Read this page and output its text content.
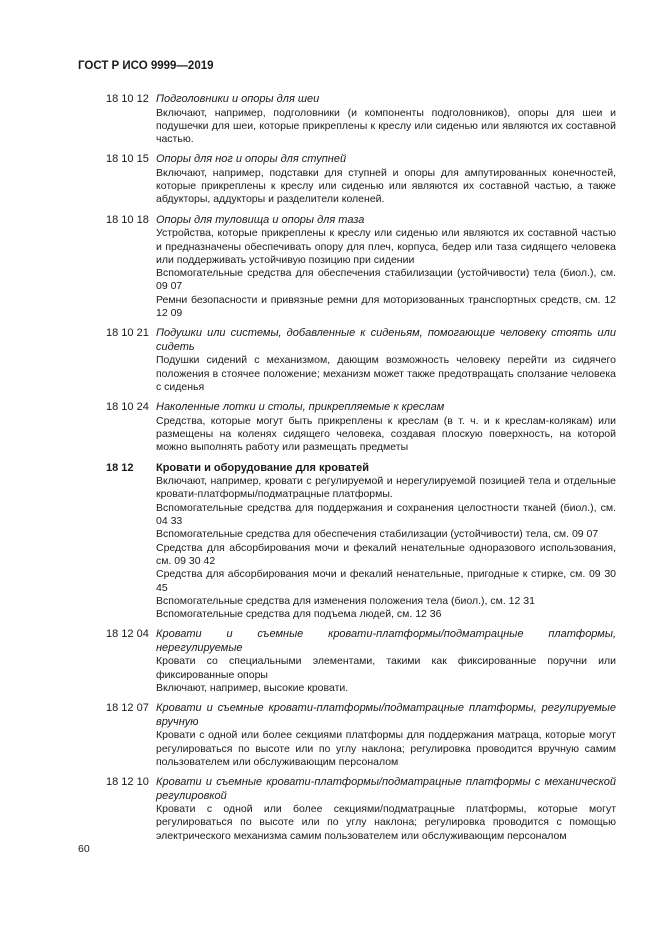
ГОСТ Р ИСО 9999—2019
18 10 12 Подголовники и опоры для шеи
Включают, например, подголовники (и компоненты подголовников), опоры для шеи и подушечки для шеи, которые прикреплены к креслу или сиденью или являются их составной частью.
18 10 15 Опоры для ног и опоры для ступней
Включают, например, подставки для ступней и опоры для ампутированных конечностей, которые прикреплены к креслу или сиденью или являются их составной частью, а также абдукторы, аддукторы и разделители коленей.
18 10 18 Опоры для туловища и опоры для таза
Устройства, которые прикреплены к креслу или сиденью или являются их составной частью и предназначены обеспечивать опору для плеч, корпуса, бедер или таза сидящего человека или поддерживать устойчивую позицию при сидении
Вспомогательные средства для обеспечения стабилизации (устойчивости) тела (биол.), см. 09 07
Ремни безопасности и привязные ремни для моторизованных транспортных средств, см. 12 12 09
18 10 21 Подушки или системы, добавленные к сиденьям, помогающие человеку стоять или сидеть
Подушки сидений с механизмом, дающим возможность человеку перейти из сидячего положения в стоячее положение; механизм может также предотвращать сползание человека с сиденья
18 10 24 Наколенные лотки и столы, прикрепляемые к креслам
Средства, которые могут быть прикреплены к креслам (в т. ч. и к креслам-колякам) или размещены на коленях сидящего человека, создавая плоскую поверхность, на которой можно выполнять работу или размещать предметы
18 12	Кровати и оборудование для кроватей
Включают, например, кровати с регулируемой и нерегулируемой позицией тела и отдельные кровати-платформы/подматрацные платформы.
Вспомогательные средства для поддержания и сохранения целостности тканей (биол.), см. 04 33
Вспомогательные средства для обеспечения стабилизации (устойчивости) тела, см. 09 07
Средства для абсорбирования мочи и фекалий ненательные одноразового использования, см. 09 30 42
Средства для абсорбирования мочи и фекалий ненательные, пригодные к стирке, см. 09 30 45
Вспомогательные средства для изменения положения тела (биол.), см. 12 31
Вспомогательные средства для подъема людей, см. 12 36
18 12 04 Кровати и съемные кровати-платформы/подматрацные платформы, нерегулируемые
Кровати со специальными элементами, такими как фиксированные поручни или фиксированные опоры
Включают, например, высокие кровати.
18 12 07 Кровати и съемные кровати-платформы/подматрацные платформы, регулируемые вручную
Кровати с одной или более секциями платформы для поддержания матраца, которые могут регулироваться по высоте или по углу наклона; регулировка проводится вручную самим пользователем или обслуживающим персоналом
18 12 10 Кровати и съемные кровати-платформы/подматрацные платформы с механической регулировкой
Кровати с одной или более секциями/подматрацные платформы, которые могут регулироваться по высоте или по углу наклона; регулировка проводится с помощью электрического механизма самим пользователем или обслуживающим персоналом
60
